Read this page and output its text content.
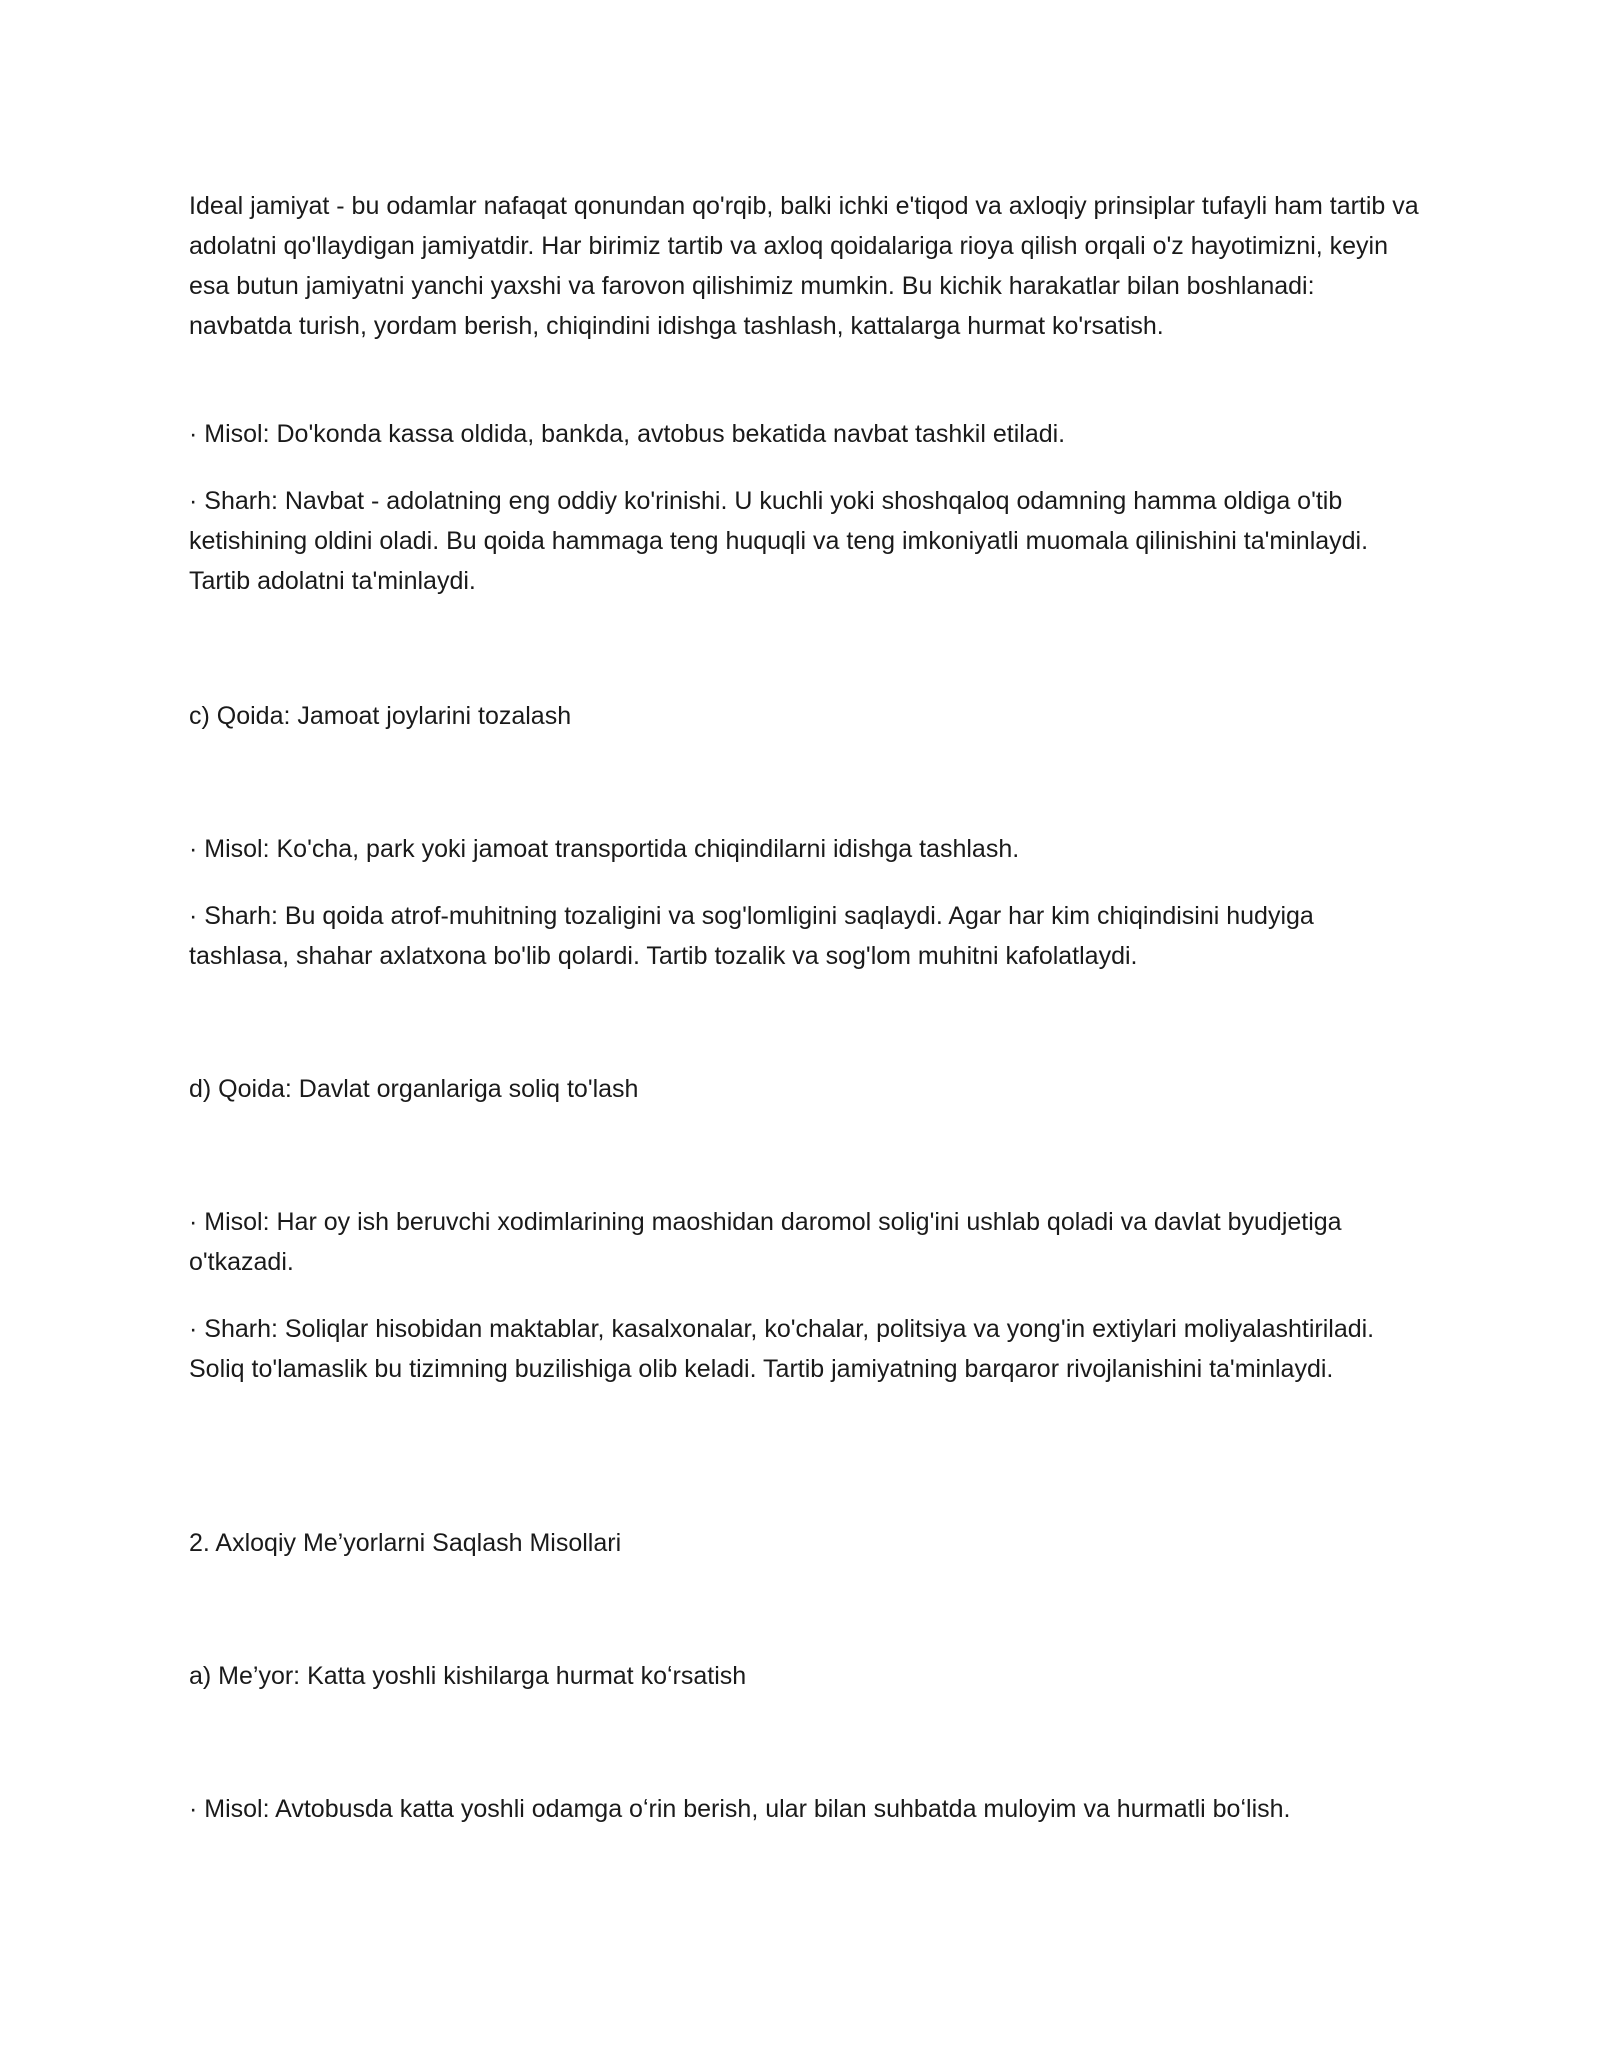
Ideal jamiyat - bu odamlar nafaqat qonundan qo'rqib, balki ichki e'tiqod va axloqiy prinsiplar tufayli ham tartib va adolatni qo'llaydigan jamiyatdir. Har birimiz tartib va axloq qoidalariga rioya qilish orqali o'z hayotimizni, keyin esa butun jamiyatni yanchi yaxshi va farovon qilishimiz mumkin. Bu kichik harakatlar bilan boshlanadi: navbatda turish, yordam berish, chiqindini idishga tashlash, kattalarga hurmat ko'rsatish.

· Misol: Do'konda kassa oldida, bankda, avtobus bekatida navbat tashkil etiladi.

· Sharh: Navbat - adolatning eng oddiy ko'rinishi. U kuchli yoki shoshqaloq odamning hamma oldiga o'tib ketishining oldini oladi. Bu qoida hammaga teng huquqli va teng imkoniyatli muomala qilinishini ta'minlaydi. Tartib adolatni ta'minlaydi.

c) Qoida: Jamoat joylarini tozalash

· Misol: Ko'cha, park yoki jamoat transportida chiqindilarni idishga tashlash.

· Sharh: Bu qoida atrof-muhitning tozaligini va sog'lomligini saqlaydi. Agar har kim chiqindisini hudyiga tashlasa, shahar axlatxona bo'lib qolardi. Tartib tozalik va sog'lom muhitni kafolatlaydi.

d) Qoida: Davlat organlariga soliq to'lash

· Misol: Har oy ish beruvchi xodimlarining maoshidan daromol solig'ini ushlab qoladi va davlat byudjetiga o'tkazadi.

· Sharh: Soliqlar hisobidan maktablar, kasalxonalar, ko'chalar, politsiya va yong'in extiylari moliyalashtiriladi. Soliq to'lamaslik bu tizimning buzilishiga olib keladi. Tartib jamiyatning barqaror rivojlanishini ta'minlaydi.

2. Axloqiy Me’yorlarni Saqlash Misollari

a) Me’yor: Katta yoshli kishilarga hurmat koʻrsatish

· Misol: Avtobusda katta yoshli odamga oʻrin berish, ular bilan suhbatda muloyim va hurmatli boʻlish.
